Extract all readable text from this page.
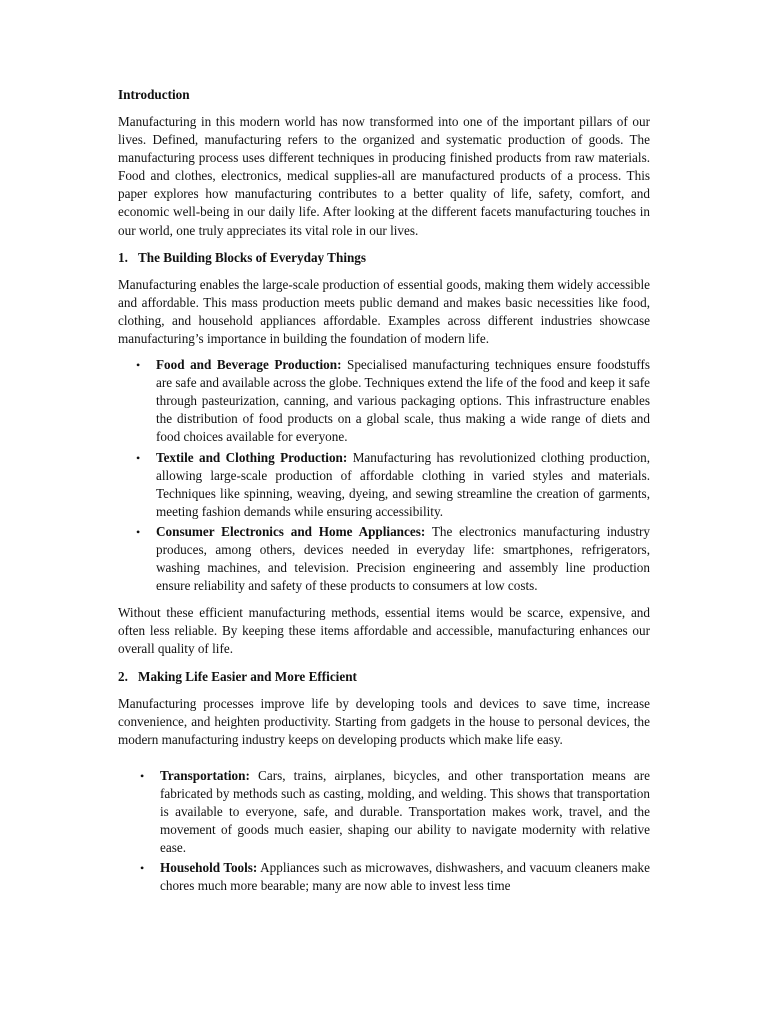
Introduction

Manufacturing in this modern world has now transformed into one of the important pillars of our lives. Defined, manufacturing refers to the organized and systematic production of goods. The manufacturing process uses different techniques in producing finished products from raw materials. Food and clothes, electronics, medical supplies-all are manufactured products of a process. This paper explores how manufacturing contributes to a better quality of life, safety, comfort, and economic well-being in our daily life. After looking at the different facets manufacturing touches in our world, one truly appreciates its vital role in our lives.

1. The Building Blocks of Everyday Things

Manufacturing enables the large-scale production of essential goods, making them widely accessible and affordable. This mass production meets public demand and makes basic necessities like food, clothing, and household appliances affordable. Examples across different industries showcase manufacturing’s importance in building the foundation of modern life.

• Food and Beverage Production: Specialised manufacturing techniques ensure foodstuffs are safe and available across the globe. Techniques extend the life of the food and keep it safe through pasteurization, canning, and various packaging options. This infrastructure enables the distribution of food products on a global scale, thus making a wide range of diets and food choices available for everyone.
• Textile and Clothing Production: Manufacturing has revolutionized clothing production, allowing large-scale production of affordable clothing in varied styles and materials. Techniques like spinning, weaving, dyeing, and sewing streamline the creation of garments, meeting fashion demands while ensuring accessibility.
• Consumer Electronics and Home Appliances: The electronics manufacturing industry produces, among others, devices needed in everyday life: smartphones, refrigerators, washing machines, and television. Precision engineering and assembly line production ensure reliability and safety of these products to consumers at low costs.

Without these efficient manufacturing methods, essential items would be scarce, expensive, and often less reliable. By keeping these items affordable and accessible, manufacturing enhances our overall quality of life.

2. Making Life Easier and More Efficient

Manufacturing processes improve life by developing tools and devices to save time, increase convenience, and heighten productivity. Starting from gadgets in the house to personal devices, the modern manufacturing industry keeps on developing products which make life easy.

• Transportation: Cars, trains, airplanes, bicycles, and other transportation means are fabricated by methods such as casting, molding, and welding. This shows that transportation is available to everyone, safe, and durable. Transportation makes work, travel, and the movement of goods much easier, shaping our ability to navigate modernity with relative ease.
• Household Tools: Appliances such as microwaves, dishwashers, and vacuum cleaners make chores much more bearable; many are now able to invest less time
